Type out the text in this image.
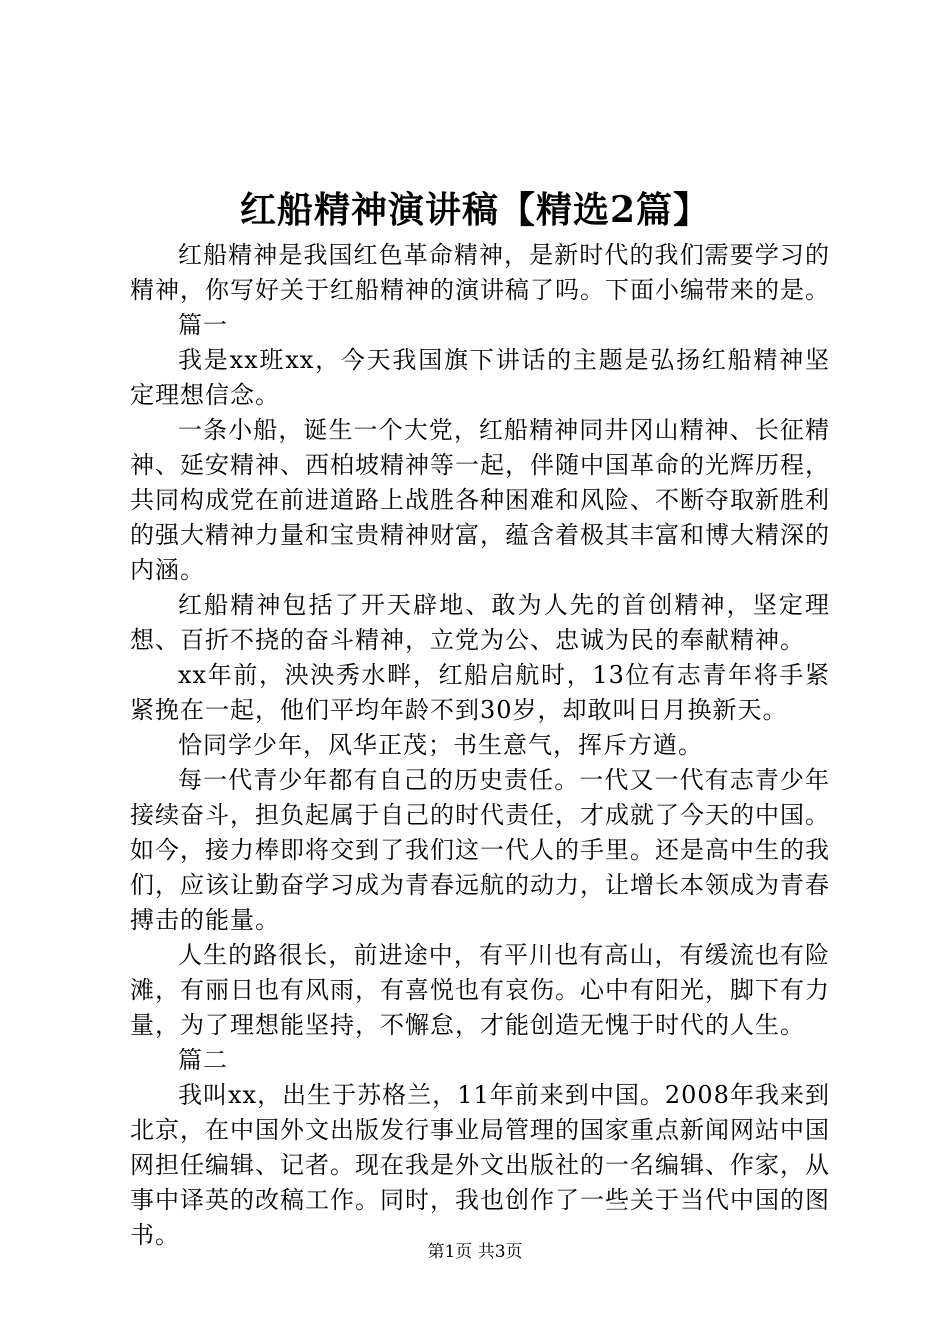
红船精神演讲稿【精选2篇】

红船精神是我国红色革命精神，是新时代的我们需要学习的精神，你写好关于红船精神的演讲稿了吗。下面小编带来的是。

篇一

我是xx班xx，今天我国旗下讲话的主题是弘扬红船精神坚定理想信念。

一条小船，诞生一个大党，红船精神同井冈山精神、长征精神、延安精神、西柏坡精神等一起，伴随中国革命的光辉历程，共同构成党在前进道路上战胜各种困难和风险、不断夺取新胜利的强大精神力量和宝贵精神财富，蕴含着极其丰富和博大精深的内涵。

红船精神包括了开天辟地、敢为人先的首创精神，坚定理想、百折不挠的奋斗精神，立党为公、忠诚为民的奉献精神。

xx年前，泱泱秀水畔，红船启航时，13位有志青年将手紧紧挽在一起，他们平均年龄不到30岁，却敢叫日月换新天。

恰同学少年，风华正茂；书生意气，挥斥方遒。

每一代青少年都有自己的历史责任。一代又一代有志青少年接续奋斗，担负起属于自己的时代责任，才成就了今天的中国。如今，接力棒即将交到了我们这一代人的手里。还是高中生的我们，应该让勤奋学习成为青春远航的动力，让增长本领成为青春搏击的能量。

人生的路很长，前进途中，有平川也有高山，有缓流也有险滩，有丽日也有风雨，有喜悦也有哀伤。心中有阳光，脚下有力量，为了理想能坚持，不懈怠，才能创造无愧于时代的人生。

篇二

我叫xx，出生于苏格兰，11年前来到中国。2008年我来到北京，在中国外文出版发行事业局管理的国家重点新闻网站中国网担任编辑、记者。现在我是外文出版社的一名编辑、作家，从事中译英的改稿工作。同时，我也创作了一些关于当代中国的图书。

第1页 共3页
